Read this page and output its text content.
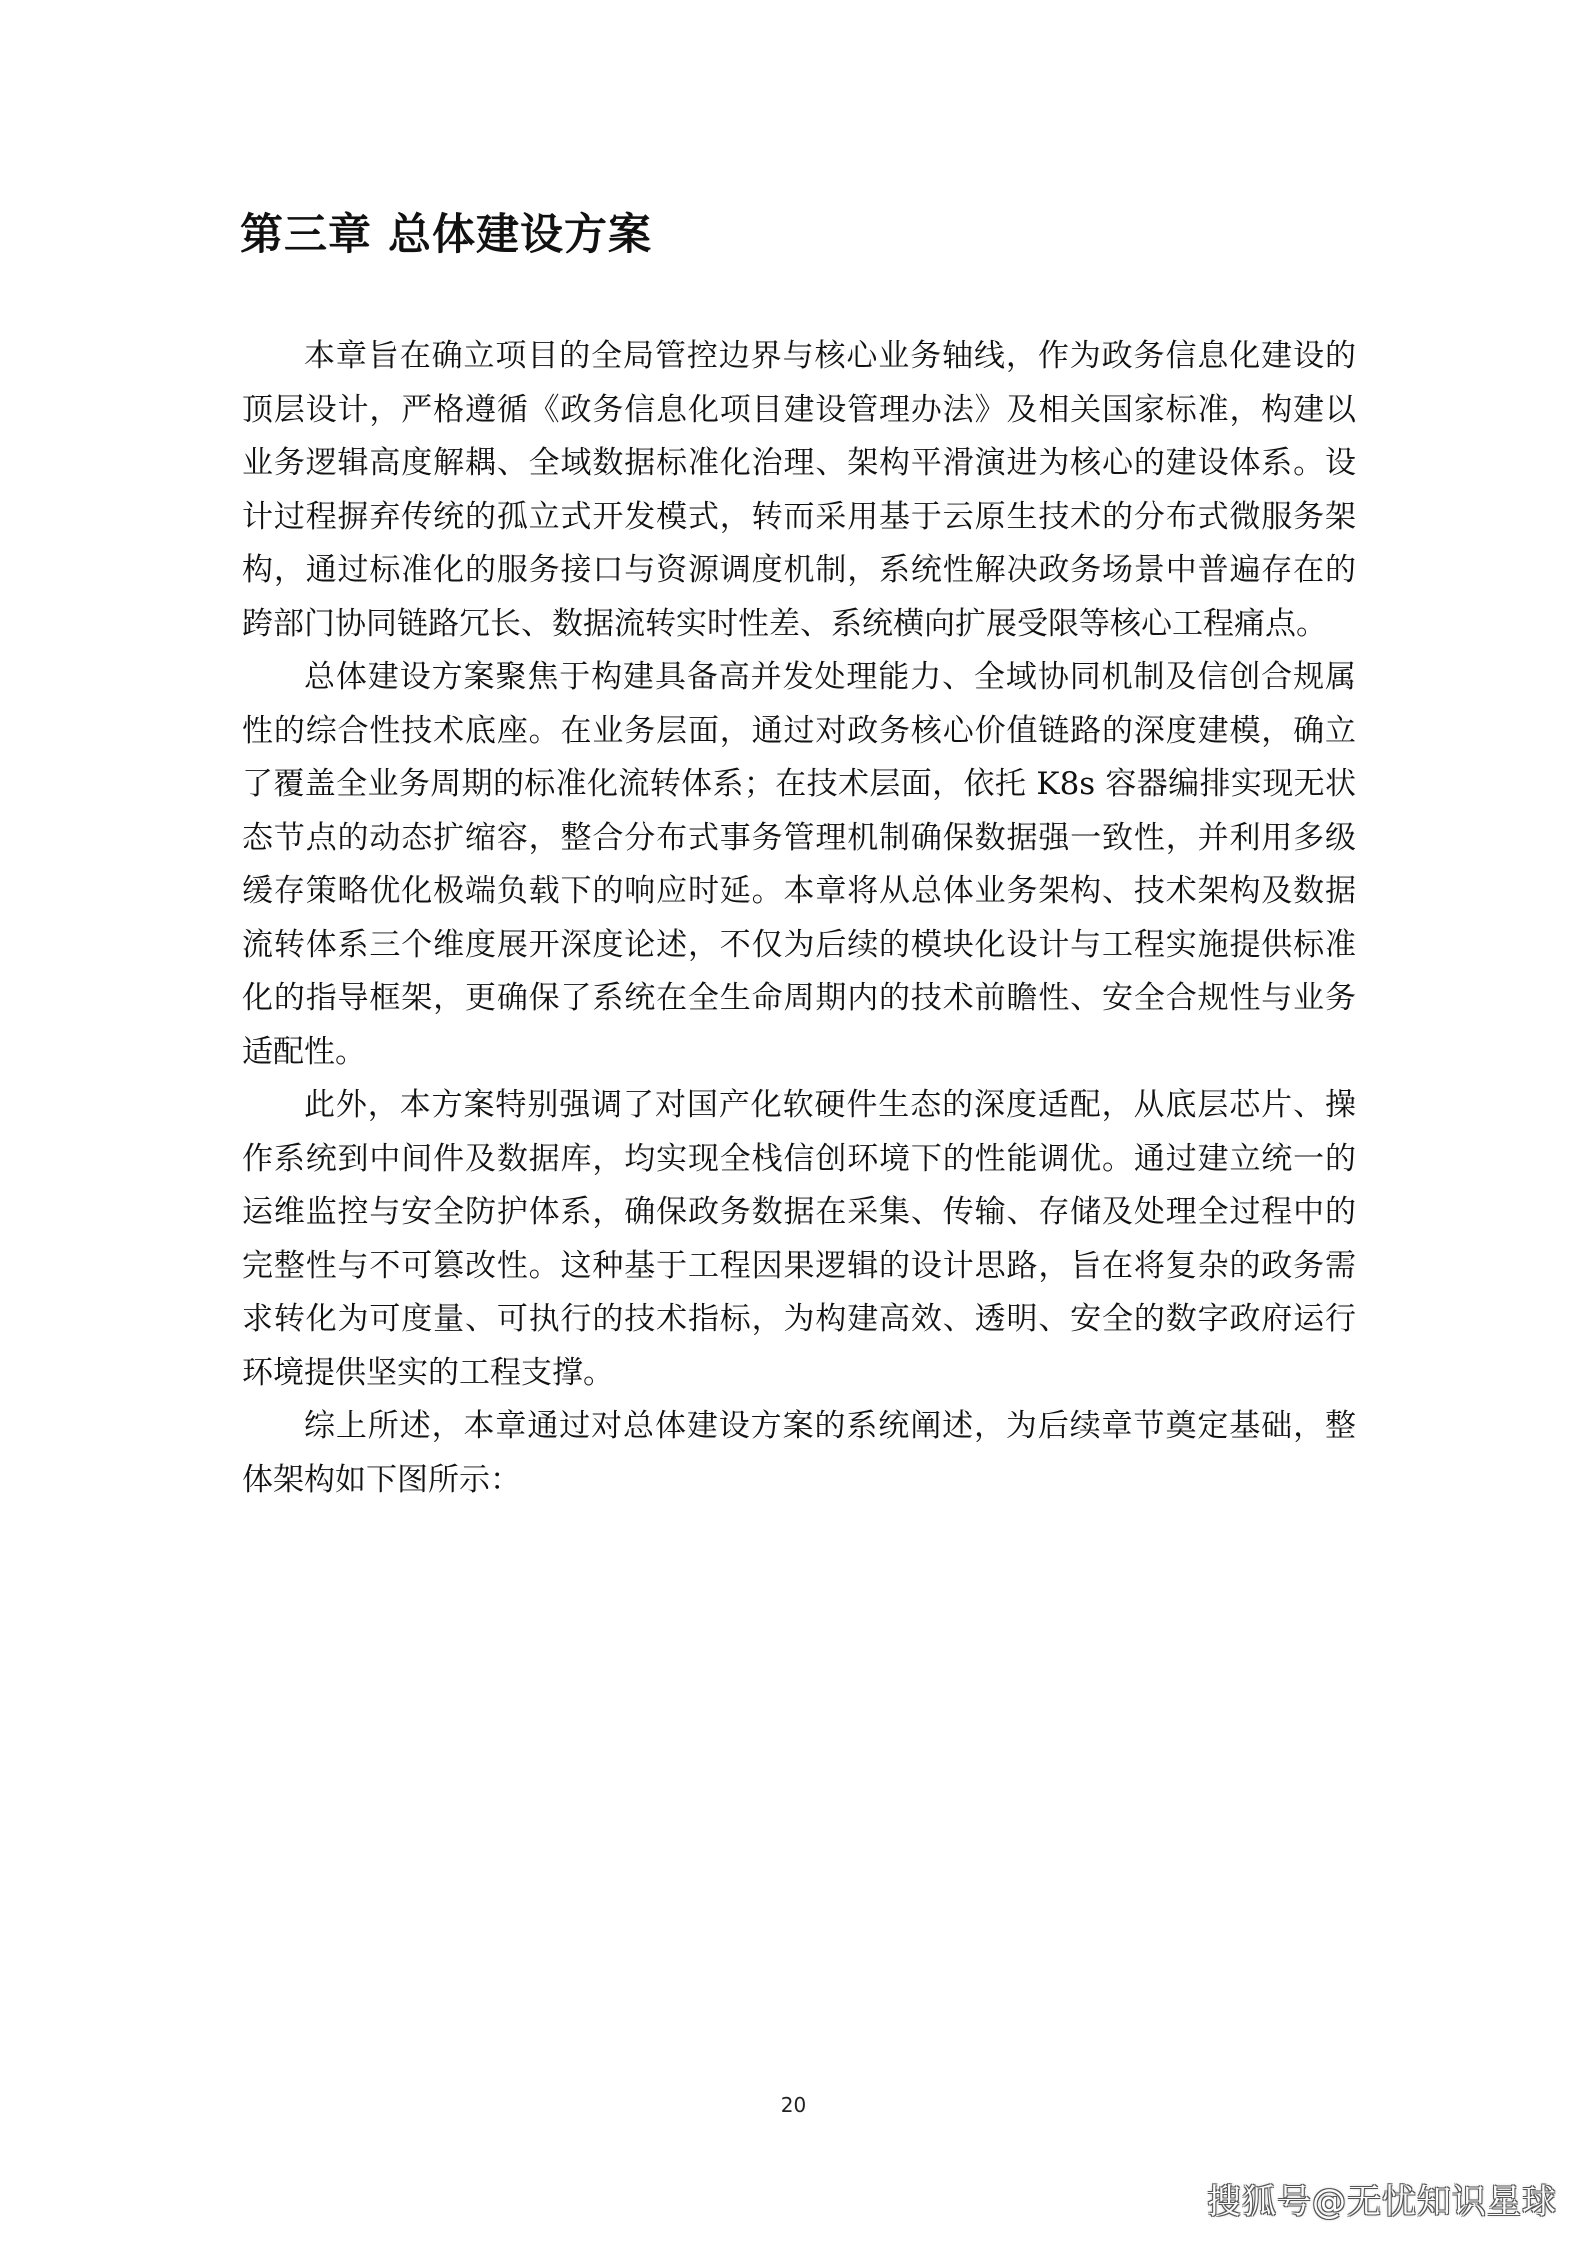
第三章 总体建设方案

本章旨在确立项目的全局管控边界与核心业务轴线，作为政务信息化建设的顶层设计，严格遵循《政务信息化项目建设管理办法》及相关国家标准，构建以业务逻辑高度解耦、全域数据标准化治理、架构平滑演进为核心的建设体系。设计过程摒弃传统的孤立式开发模式，转而采用基于云原生技术的分布式微服务架构，通过标准化的服务接口与资源调度机制，系统性解决政务场景中普遍存在的跨部门协同链路冗长、数据流转实时性差、系统横向扩展受限等核心工程痛点。

总体建设方案聚焦于构建具备高并发处理能力、全域协同机制及信创合规属性的综合性技术底座。在业务层面，通过对政务核心价值链路的深度建模，确立了覆盖全业务周期的标准化流转体系；在技术层面，依托 K8s 容器编排实现无状态节点的动态扩缩容，整合分布式事务管理机制确保数据强一致性，并利用多级缓存策略优化极端负载下的响应时延。本章将从总体业务架构、技术架构及数据流转体系三个维度展开深度论述，不仅为后续的模块化设计与工程实施提供标准化的指导框架，更确保了系统在全生命周期内的技术前瞻性、安全合规性与业务适配性。

此外，本方案特别强调了对国产化软硬件生态的深度适配，从底层芯片、操作系统到中间件及数据库，均实现全栈信创环境下的性能调优。通过建立统一的运维监控与安全防护体系，确保政务数据在采集、传输、存储及处理全过程中的完整性与不可篡改性。这种基于工程因果逻辑的设计思路，旨在将复杂的政务需求转化为可度量、可执行的技术指标，为构建高效、透明、安全的数字政府运行环境提供坚实的工程支撑。

综上所述，本章通过对总体建设方案的系统阐述，为后续章节奠定基础，整体架构如下图所示：

20
搜狐号@无忧知识星球
